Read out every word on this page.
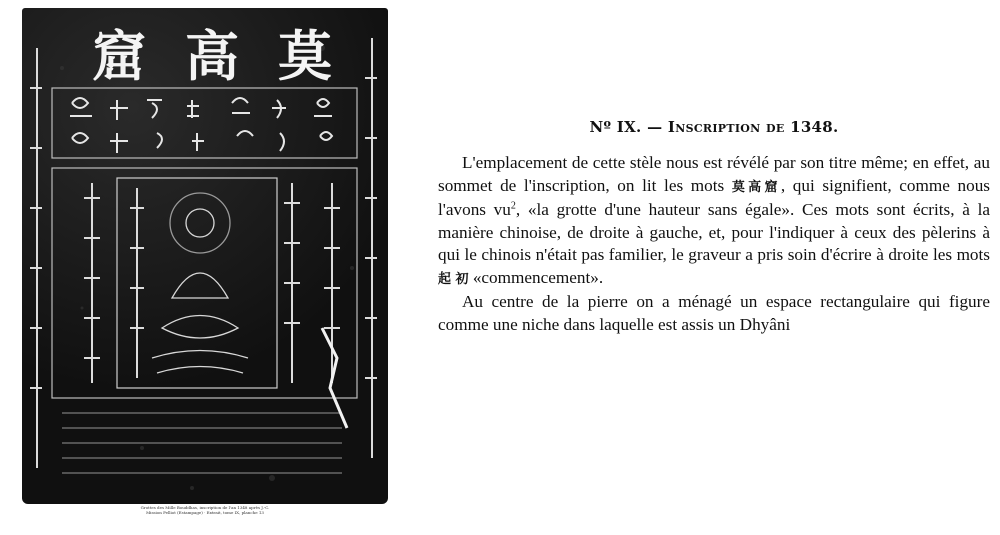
窟 高 莫
Grottes des Mille Bouddhas, inscription de l'an 1348 après J.-C.
Mission Pelliot (Estampage) · Extrait, tome IX, planche 13
Nº IX. — Inscription de 1348.

L'emplacement de cette stèle nous est révélé par son titre même; en effet, au sommet de l'inscription, on lit les mots 莫高窟, qui signifient, comme nous l'avons $vu^2$, «la grotte d'une hauteur sans égale». Ces mots sont écrits, à la manière chinoise, de droite à gauche, et, pour l'indiquer à ceux des pèlerins à qui le chinois n'était pas familier, le graveur a pris soin d'écrire à droite les mots 起 初 «commencement».

Au centre de la pierre on a ménagé un espace rectangulaire qui figure comme une niche dans laquelle est assis un Dhyâni
